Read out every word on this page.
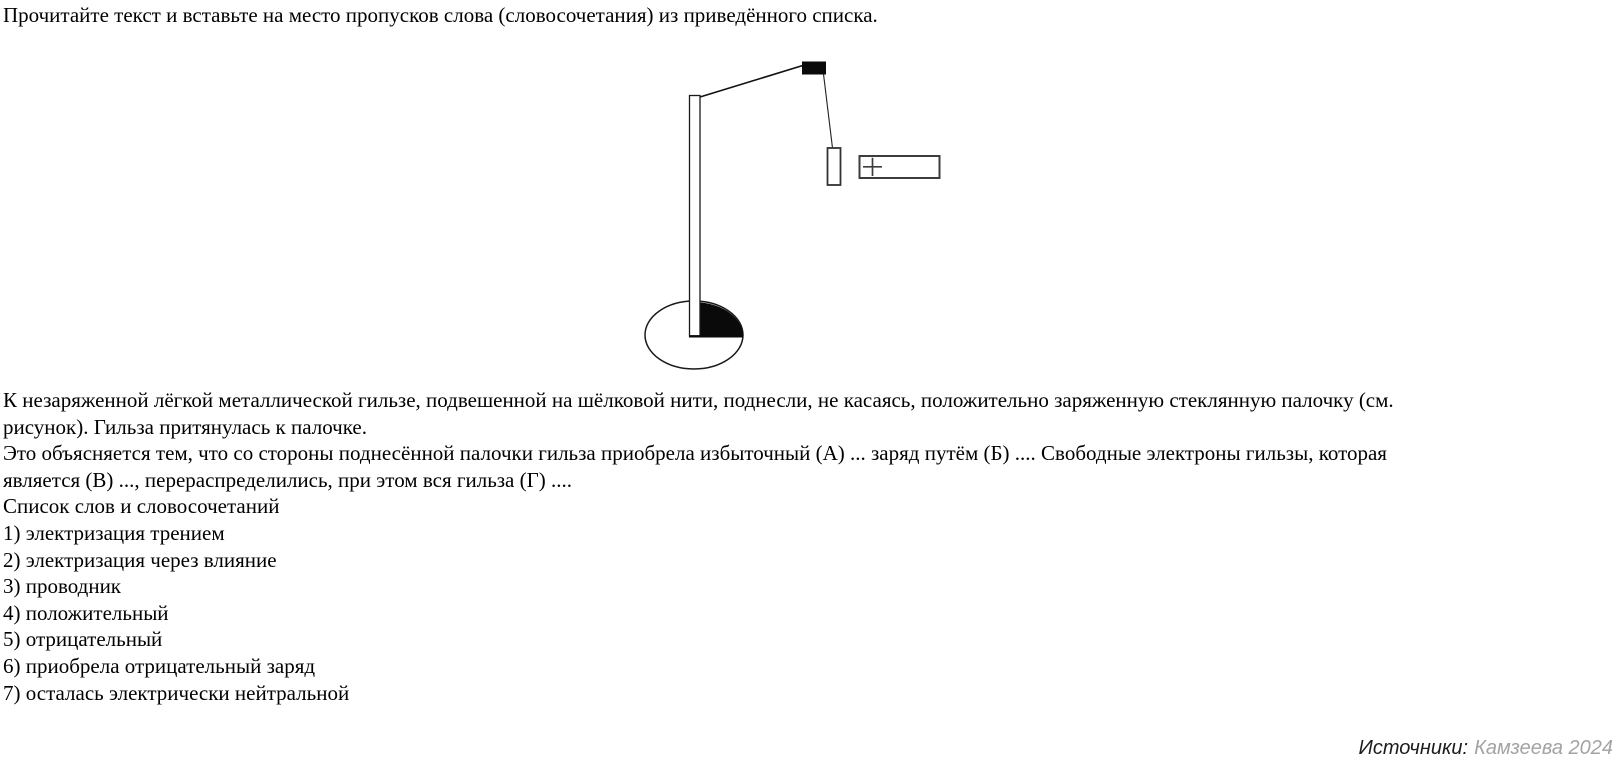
Прочитайте текст и вставьте на место пропусков слова (словосочетания) из приведённого списка.
К незаряженной лёгкой металлической гильзе, подвешенной на шёлковой нити, поднесли, не касаясь, положительно заряженную стеклянную палочку (см.
рисунок). Гильза притянулась к палочке.
Это объясняется тем, что со стороны поднесённой палочки гильза приобрела избыточный (А) ... заряд путём (Б) .... Свободные электроны гильзы, которая
является (В) ..., перераспределились, при этом вся гильза (Г) ....
Список слов и словосочетаний
1) электризация трением
2) электризация через влияние
3) проводник
4) положительный
5) отрицательный
6) приобрела отрицательный заряд
7) осталась электрически нейтральной
Источники: Камзеева 2024
